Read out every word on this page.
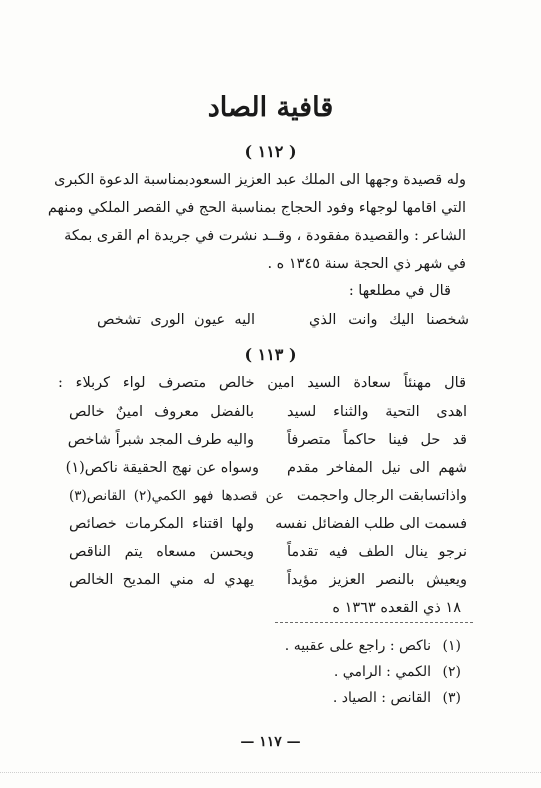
قافية الصاد
( ١١٢ )
وله قصيدة وجهها الى الملك عبد العزيز السعودبمناسبة الدعوة الكبرى
التي اقامها لوجهاء وفود الحجاج بمناسبة الحج في القصر الملكي ومنهم
الشاعر : والقصيدة مفقودة ، وقــد نشرت في جريدة ام القرى بمكة
في شهر ذي الحجة سنة ١٣٤٥ ه .
قال في مطلعها :
شخصنا اليك وانت الذي
اليه عيون الورى تشخص
( ١١٣ )
قال مهنئاً سعادة السيد امين خالص متصرف لواء كربلاء :
اهدى التحية والثناء لسيد
بالفضل معروف امينٌ خالص
قد حل فينا حاكماً متصرفاً
واليه طرف المجد شبراً شاخص
شهم الى نيل المفاخر مقدم
وسواه عن نهج الحقيقة ناكص(١)
واذاتسابقت الرجال واحجمت
عن قصدها فهو الكمي(٢) القانص(٣)
فسمت الى طلب الفضائل نفسه
ولها اقتناء المكرمات خصائص
نرجو ينال الطف فيه تقدماً
ويحسن مسعاه يتم الناقص
ويعيش بالنصر العزيز مؤيداً
يهدي له مني المديح الخالص
١٨ ذي القعده ١٣٦٣ ه
(١)ناكص : راجع على عقبيه .
(٢)الكمي : الرامي .
(٣)القانص : الصياد .
— ١١٧ —
